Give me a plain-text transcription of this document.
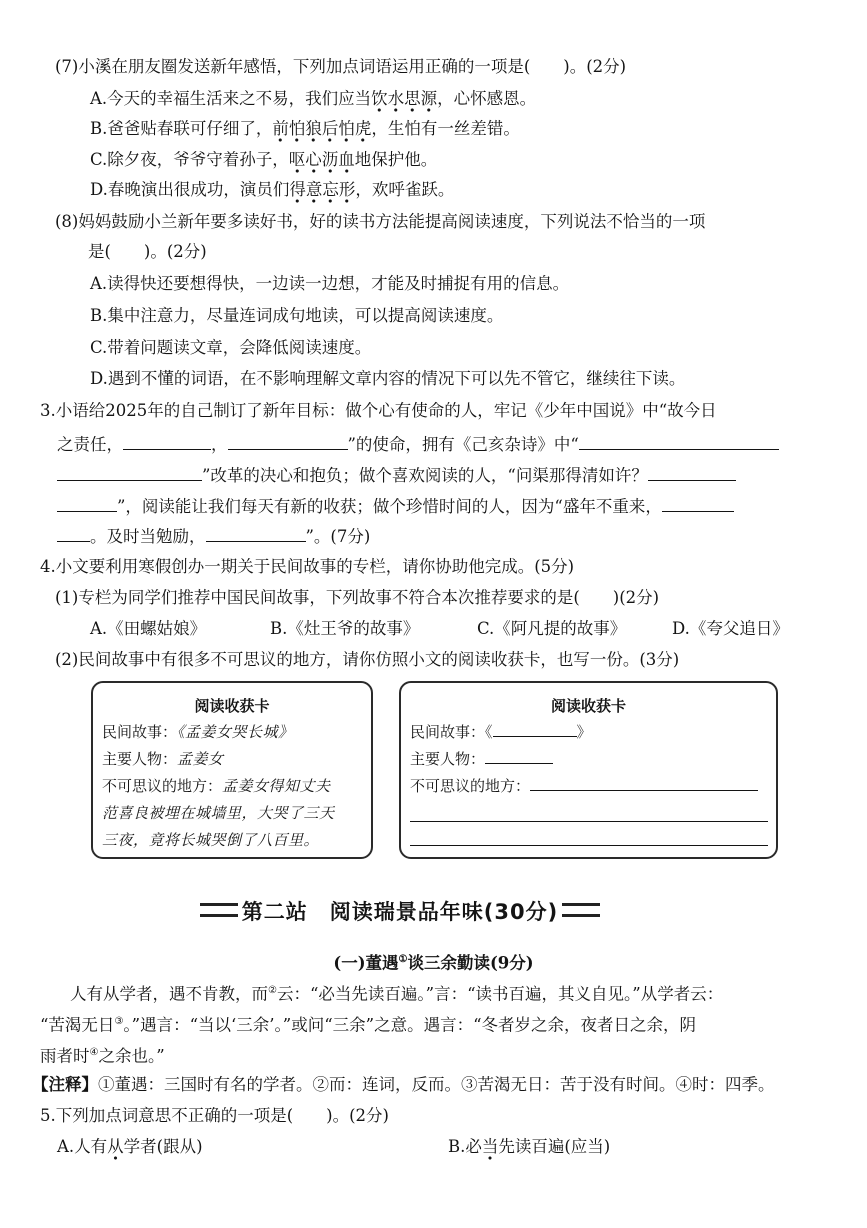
(7)小溪在朋友圈发送新年感悟，下列加点词语运用正确的一项是(　　)。(2分)
A.今天的幸福生活来之不易，我们应当饮水思源，心怀感恩。
B.爸爸贴春联可仔细了，前怕狼后怕虎，生怕有一丝差错。
C.除夕夜，爷爷守着孙子，呕心沥血地保护他。
D.春晚演出很成功，演员们得意忘形，欢呼雀跃。
(8)妈妈鼓励小兰新年要多读好书，好的读书方法能提高阅读速度，下列说法不恰当的一项
是(　　)。(2分)
A.读得快还要想得快，一边读一边想，才能及时捕捉有用的信息。
B.集中注意力，尽量连词成句地读，可以提高阅读速度。
C.带着问题读文章，会降低阅读速度。
D.遇到不懂的词语，在不影响理解文章内容的情况下可以先不管它，继续往下读。
3.小语给2025年的自己制订了新年目标：做个心有使命的人，牢记《少年中国说》中“故今日
之责任，	，	”的使命，拥有《己亥杂诗》中“
”改革的决心和抱负；做个喜欢阅读的人，“问渠那得清如许？
”，阅读能让我们每天有新的收获；做个珍惜时间的人，因为“盛年不重来，
。及时当勉励，	”。(7分)
4.小文要利用寒假创办一期关于民间故事的专栏，请你协助他完成。(5分)
(1)专栏为同学们推荐中国民间故事，下列故事不符合本次推荐要求的是(　　)(2分)
A.《田螺姑娘》	B.《灶王爷的故事》	C.《阿凡提的故事》	D.《夸父追日》
(2)民间故事中有很多不可思议的地方，请你仿照小文的阅读收获卡，也写一份。(3分)
阅读收获卡
民间故事：《孟姜女哭长城》
主要人物：孟姜女
不可思议的地方：孟姜女得知丈夫
范喜良被埋在城墙里，大哭了三天
三夜，竟将长城哭倒了八百里。
阅读收获卡
民间故事：《	》
主要人物：
不可思议的地方：
第二站　阅读瑞景品年味(30分)
(一)董遇①谈三余勤读(9分)
人有从学者，遇不肯教，而②云：“必当先读百遍。”言：“读书百遍，其义自见。”从学者云：
“苦渴无日③。”遇言：“当以‘三余’。”或问“三余”之意。遇言：“冬者岁之余，夜者日之余，阴
雨者时④之余也。”
【注释】①董遇：三国时有名的学者。②而：连词，反而。③苦渴无日：苦于没有时间。④时：四季。
5.下列加点词意思不正确的一项是(　　)。(2分)
A.人有从学者(跟从)	B.必当先读百遍(应当)
